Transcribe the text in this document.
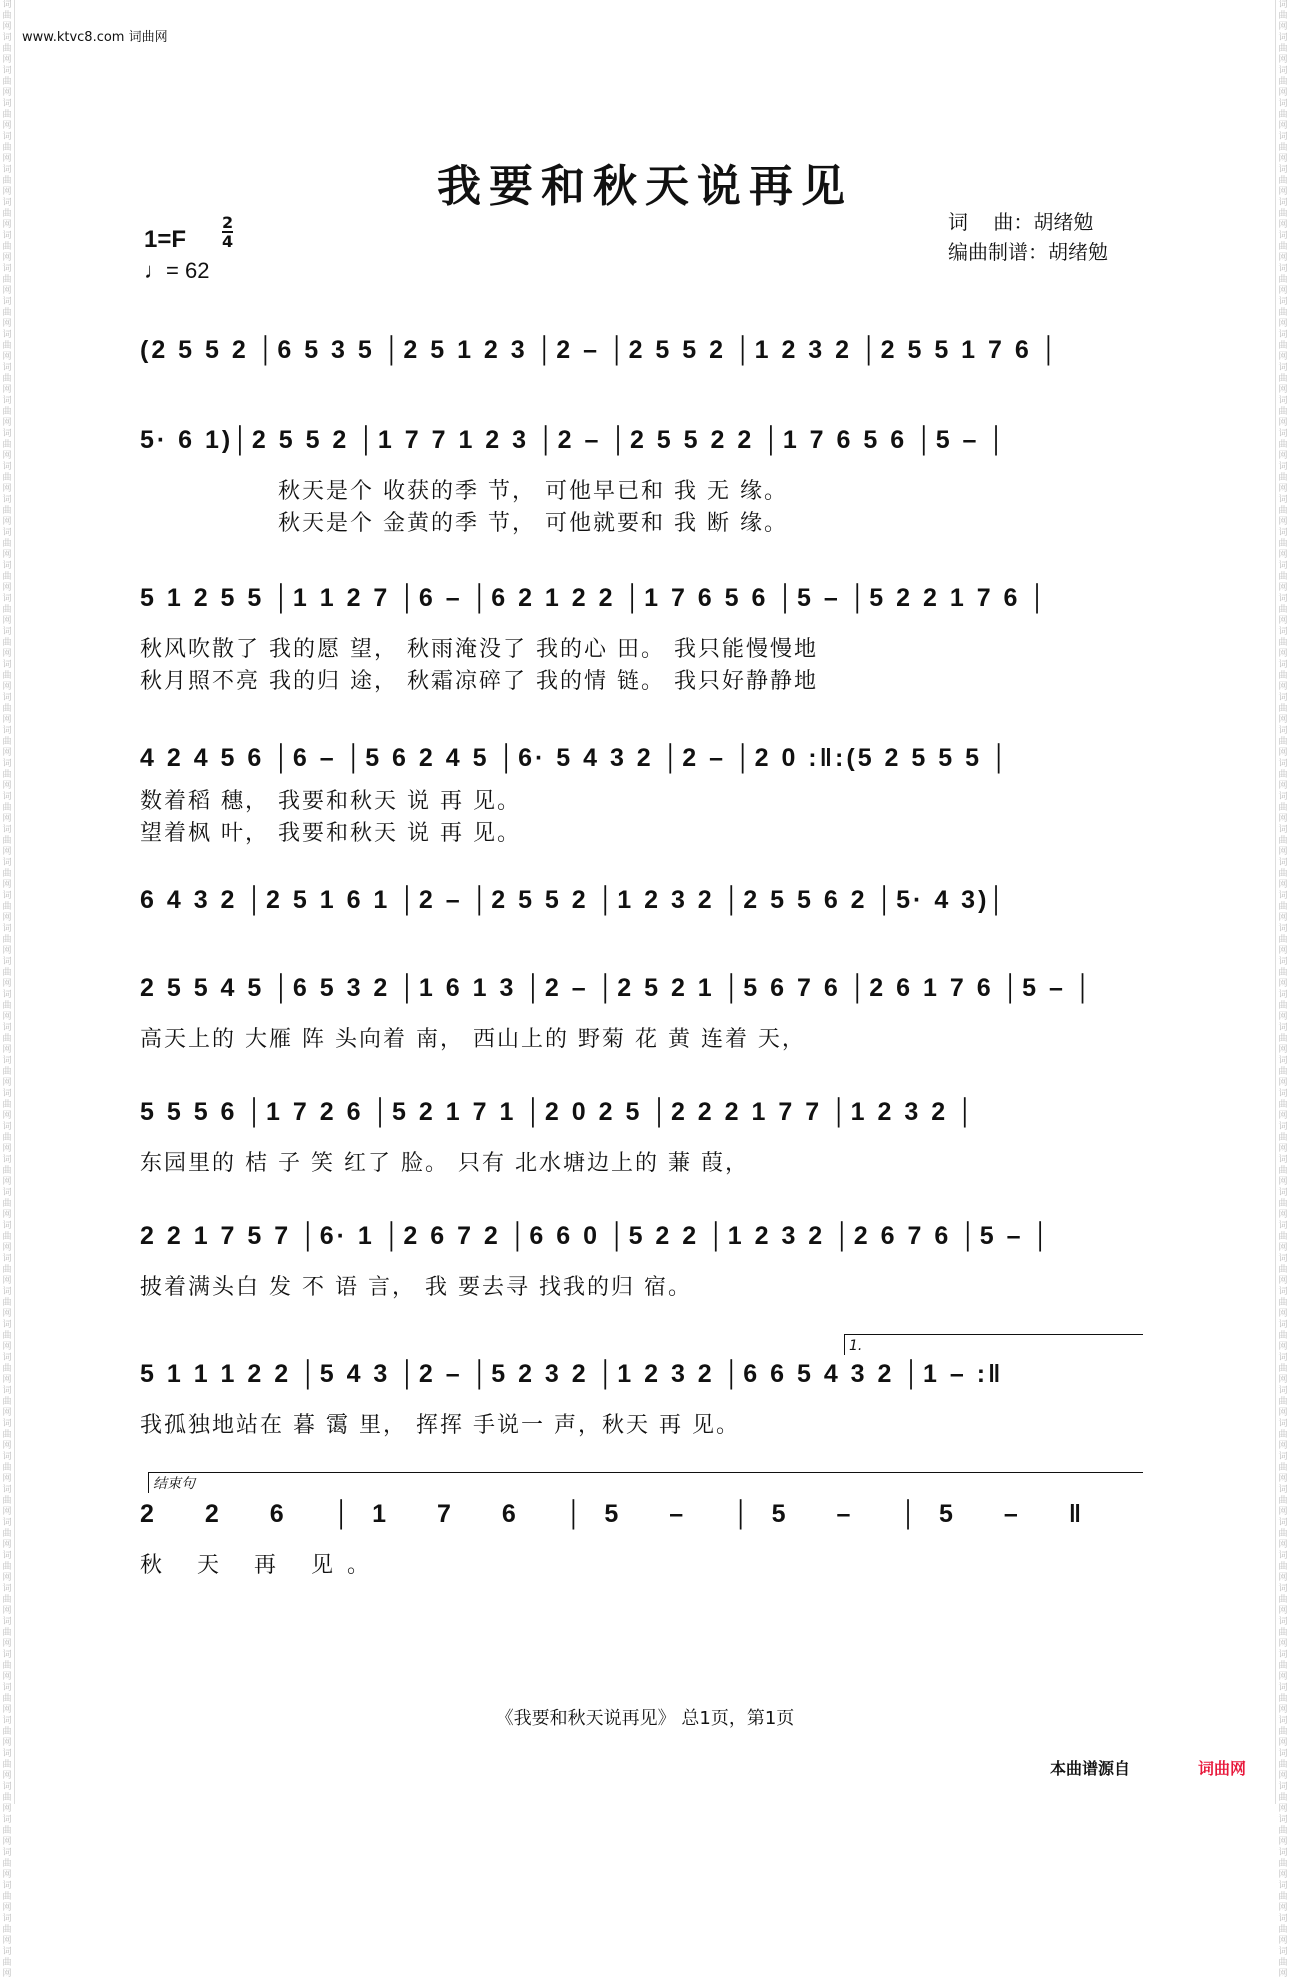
词曲网词曲网词曲网词曲网词曲网词曲网词曲网词曲网词曲网词曲网词曲网词曲网词曲网词曲网词曲网词曲网词曲网词曲网词曲网词曲网词曲网词曲网词曲网词曲网词曲网词曲网词曲网词曲网词曲网词曲网词曲网词曲网词曲网词曲网词曲网词曲网词曲网词曲网词曲网词曲网词曲网词曲网词曲网词曲网词曲网词曲网词曲网词曲网词曲网词曲网词曲网词曲网词曲网词曲网词曲网词曲网词曲网词曲网词曲网词曲网
词曲网词曲网词曲网词曲网词曲网词曲网词曲网词曲网词曲网词曲网词曲网词曲网词曲网词曲网词曲网词曲网词曲网词曲网词曲网词曲网词曲网词曲网词曲网词曲网词曲网词曲网词曲网词曲网词曲网词曲网词曲网词曲网词曲网词曲网词曲网词曲网词曲网词曲网词曲网词曲网词曲网词曲网词曲网词曲网词曲网词曲网词曲网词曲网词曲网词曲网词曲网词曲网词曲网词曲网词曲网词曲网词曲网词曲网词曲网词曲网
www.ktvc8.com 词曲网
我要和秋天说再见
$1=F \frac{2}{4}$
♩= 62
词    曲：胡绪勉
编曲制谱：胡绪勉
(2 5 5 2 │6 5 3 5 │2 5 1 2 3 │2 – │2 5 5 2 │1 2 3 2 │2 5 5 1 7 6 │
5· 6 1)│2 5 5 2 │1 7 7 1 2 3 │2 – │2 5 5 2 2 │1 7 6 5 6 │5 – │
秋天是个 收获的季 节， 可他早已和 我 无 缘。
秋天是个 金黄的季 节， 可他就要和 我 断 缘。
5 1 2 5 5 │1 1 2 7 │6 – │6 2 1 2 2 │1 7 6 5 6 │5 – │5 2 2 1 7 6 │
秋风吹散了 我的愿 望， 秋雨淹没了 我的心 田。 我只能慢慢地
秋月照不亮 我的归 途， 秋霜凉碎了 我的情 链。 我只好静静地
4 2 4 5 6 │6 – │5 6 2 4 5 │6· 5 4 3 2 │2 – │2 0 :‖:(5 2 5 5 5 │
数着稻 穗， 我要和秋天 说 再 见。
望着枫 叶， 我要和秋天 说 再 见。
6 4 3 2 │2 5 1 6 1 │2 – │2 5 5 2 │1 2 3 2 │2 5 5 6 2 │5· 4 3)│
2 5 5 4 5 │6 5 3 2 │1 6 1 3 │2 – │2 5 2 1 │5 6 7 6 │2 6 1 7 6 │5 – │
高天上的 大雁 阵 头向着 南， 西山上的 野菊 花 黄 连着 天，
5 5 5 6 │1 7 2 6 │5 2 1 7 1 │2 0 2 5 │2 2 2 1 7 7 │1 2 3 2 │
东园里的 桔 子 笑 红了 脸。 只有 北水塘边上的 蒹 葭，
2 2 1 7 5 7 │6· 1 │2 6 7 2 │6 6 0 │5 2 2 │1 2 3 2 │2 6 7 6 │5 – │
披着满头白 发 不 语 言， 我 要去寻 找我的归 宿。
1.
5 1 1 1 2 2 │5 4 3 │2 – │5 2 3 2 │1 2 3 2 │6 6 5 4 3 2 │1 – :‖
我孤独地站在 暮 霭 里， 挥挥 手说一 声，秋天 再 见。
结束句
2 2 6 │1 7 6 │5 – │5 – │5 – ‖
秋 天 再 见。
《我要和秋天说再见》 总1页，第1页
本曲谱源自	词曲网
